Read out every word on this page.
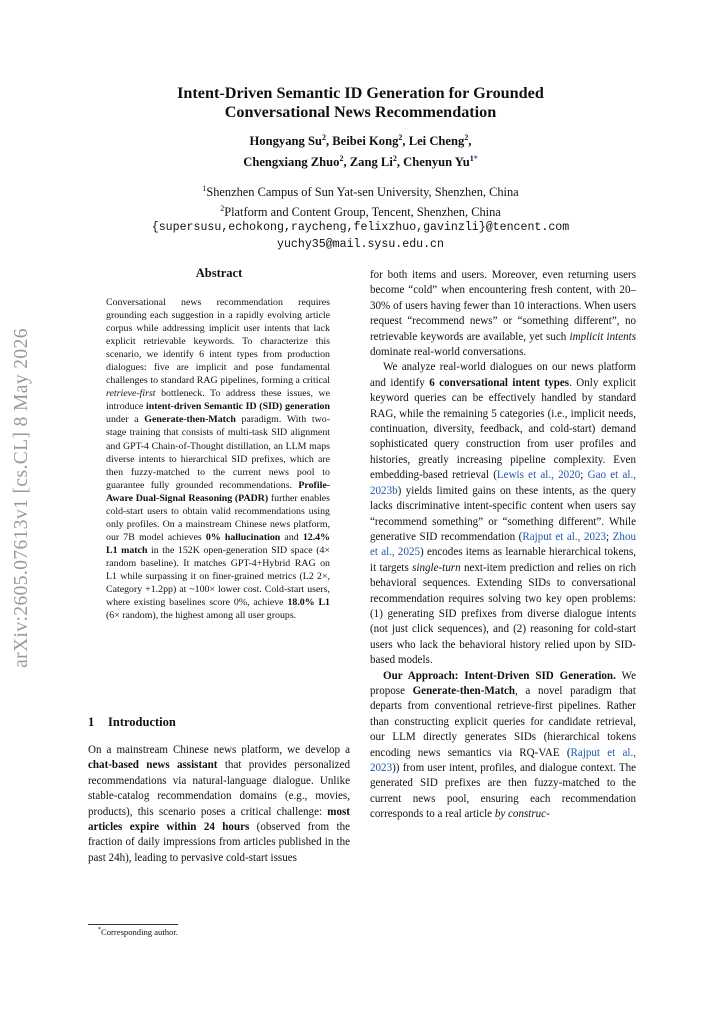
arXiv:2605.07613v1 [cs.CL] 8 May 2026
Intent-Driven Semantic ID Generation for Grounded
Conversational News Recommendation
Hongyang Su$^2$, Beibei Kong$^2$, Lei Cheng$^2$,
Chengxiang Zhuo$^2$, Zang Li$^2$, Chenyun $Yu^{1*}$
$^1$Shenzhen Campus of Sun Yat-sen University, Shenzhen, China
$^2$Platform and Content Group, Tencent, Shenzhen, China
{supersusu,echokong,raycheng,felixzhuo,gavinzli}@tencent.com
yuchy35@mail.sysu.edu.cn
Abstract

Conversational news recommendation requires grounding each suggestion in a rapidly evolving article corpus while addressing implicit user intents that lack explicit retrievable keywords. To characterize this scenario, we identify 6 intent types from production dialogues: five are implicit and pose fundamental challenges to standard RAG pipelines, forming a critical retrieve-first bottleneck. To address these issues, we introduce intent-driven Semantic ID (SID) generation under a Generate-then-Match paradigm. With two-stage training that consists of multi-task SID alignment and GPT-4 Chain-of-Thought distillation, an LLM maps diverse intents to hierarchical SID prefixes, which are then fuzzy-matched to the current news pool to guarantee fully grounded recommendations. Profile-Aware Dual-Signal Reasoning (PADR) further enables cold-start users to obtain valid recommendations using only profiles. On a mainstream Chinese news platform, our 7B model achieves 0% hallucination and 12.4% L1 match in the 152K open-generation SID space (4× random baseline). It matches GPT-4+Hybrid RAG on L1 while surpassing it on finer-grained metrics (L2 2×, Category +1.2pp) at ~100× lower cost. Cold-start users, where existing baselines score 0%, achieve 18.0% L1 (6× random), the highest among all user groups.

1 Introduction

On a mainstream Chinese news platform, we develop a chat-based news assistant that provides personalized recommendations via natural-language dialogue. Unlike stable-catalog recommendation domains (e.g., movies, products), this scenario poses a critical challenge: most articles expire within 24 hours (observed from the fraction of daily impressions from articles published in the past 24h), leading to pervasive cold-start issues

for both items and users. Moreover, even returning users become “cold” when encountering fresh content, with 20–30% of users having fewer than 10 interactions. When users request “recommend news” or “something different”, no retrievable keywords are available, yet such implicit intents dominate real-world conversations.

We analyze real-world dialogues on our news platform and identify 6 conversational intent types. Only explicit keyword queries can be effectively handled by standard RAG, while the remaining 5 categories (i.e., implicit needs, continuation, diversity, feedback, and cold-start) demand sophisticated query construction from user profiles and histories, greatly increasing pipeline complexity. Even embedding-based retrieval (Lewis et al., 2020; Gao et al., 2023b) yields limited gains on these intents, as the query lacks discriminative intent-specific content when users say “recommend something” or “something different”. While generative SID recommendation (Rajput et al., 2023; Zhou et al., 2025) encodes items as learnable hierarchical tokens, it targets single-turn next-item prediction and relies on rich behavioral sequences. Extending SIDs to conversational recommendation requires solving two key open problems: (1) generating SID prefixes from diverse dialogue intents (not just click sequences), and (2) reasoning for cold-start users who lack the behavioral history relied upon by SID-based models.

Our Approach: Intent-Driven SID Generation. We propose Generate-then-Match, a novel paradigm that departs from conventional retrieve-first pipelines. Rather than constructing explicit queries for candidate retrieval, our LLM directly generates SIDs (hierarchical tokens encoding news semantics via RQ-VAE (Rajput et al., 2023)) from user intent, profiles, and dialogue context. The generated SID prefixes are then fuzzy-matched to the current news pool, ensuring each recommendation corresponds to a real article by construc-

*Corresponding author.
